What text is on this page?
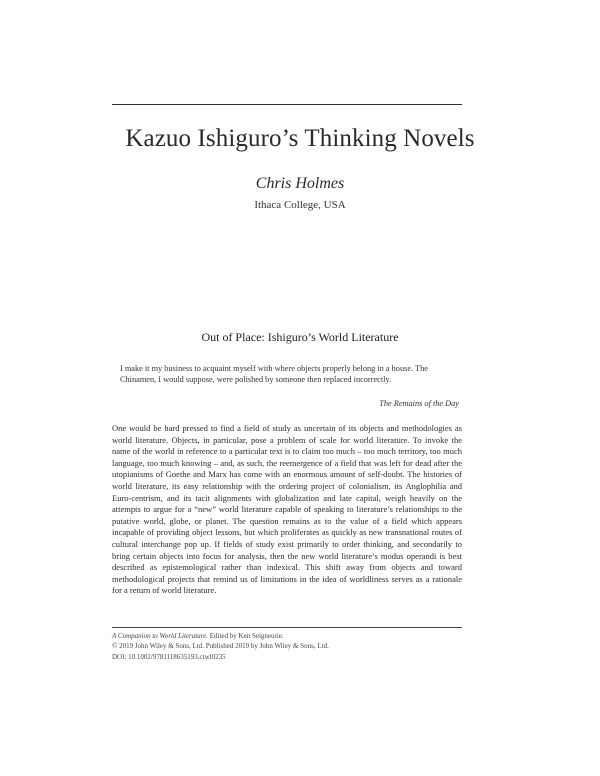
Kazuo Ishiguro’s Thinking Novels
Chris Holmes
Ithaca College, USA
Out of Place: Ishiguro’s World Literature
I make it my business to acquaint myself with where objects properly belong in a house. The Chinamen, I would suppose, were polished by someone then replaced incorrectly.
The Remains of the Day
One would be hard pressed to find a field of study as uncertain of its objects and methodologies as world literature. Objects, in particular, pose a problem of scale for world literature. To invoke the name of the world in reference to a particular text is to claim too much – too much territory, too much language, too much knowing – and, as such, the reemergence of a field that was left for dead after the utopianisms of Goethe and Marx has come with an enormous amount of self-doubt. The histories of world literature, its easy relationship with the ordering project of colonialism, its Anglophilia and Euro-centrism, and its tacit alignments with globalization and late capital, weigh heavily on the attempts to argue for a “new” world literature capable of speaking to literature’s relationships to the putative world, globe, or planet. The question remains as to the value of a field which appears incapable of providing object lessons, but which proliferates as quickly as new transnational routes of cultural interchange pop up. If fields of study exist primarily to order thinking, and secondarily to bring certain objects into focus for analysis, then the new world literature’s modus operandi is best described as epistemological rather than indexical. This shift away from objects and toward methodological projects that remind us of limitations in the idea of worldliness serves as a rationale for a return of world literature.
A Companion to World Literature. Edited by Ken Seigneurie.
© 2019 John Wiley & Sons, Ltd. Published 2019 by John Wiley & Sons, Ltd.
DOI: 10.1002/9781118635193.ctwl0235
